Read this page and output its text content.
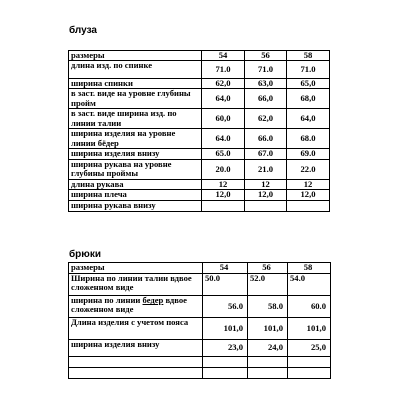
блуза
размеры	54	56	58
длина изд. по спинке	71.0	71.0	71.0
ширина спинки	62,0	63,0	65,0
в заст. виде на уровне глубины пройм	64,0	66,0	68,0
в заст. виде ширина изд. по линии талии	60,0	62,0	64,0
ширина изделия на уровне линии бёдер	64.0	66.0	68.0
ширина изделия внизу	65.0	67.0	69.0
ширина рукава на уровне глубины проймы	20.0	21.0	22.0
длина рукава	12	12	12
ширина плеча	12,0	12,0	12,0
ширина рукава внизу			
брюки
размеры	54	56	58
Ширина по линии талии вдвое сложенном виде	50.0	52.0	54.0
ширина по линии бедер вдвое сложенном виде	56.0	58.0	60.0
Длина изделия с учетом пояса	101,0	101,0	101,0
ширина изделия внизу	23,0	24,0	25,0
